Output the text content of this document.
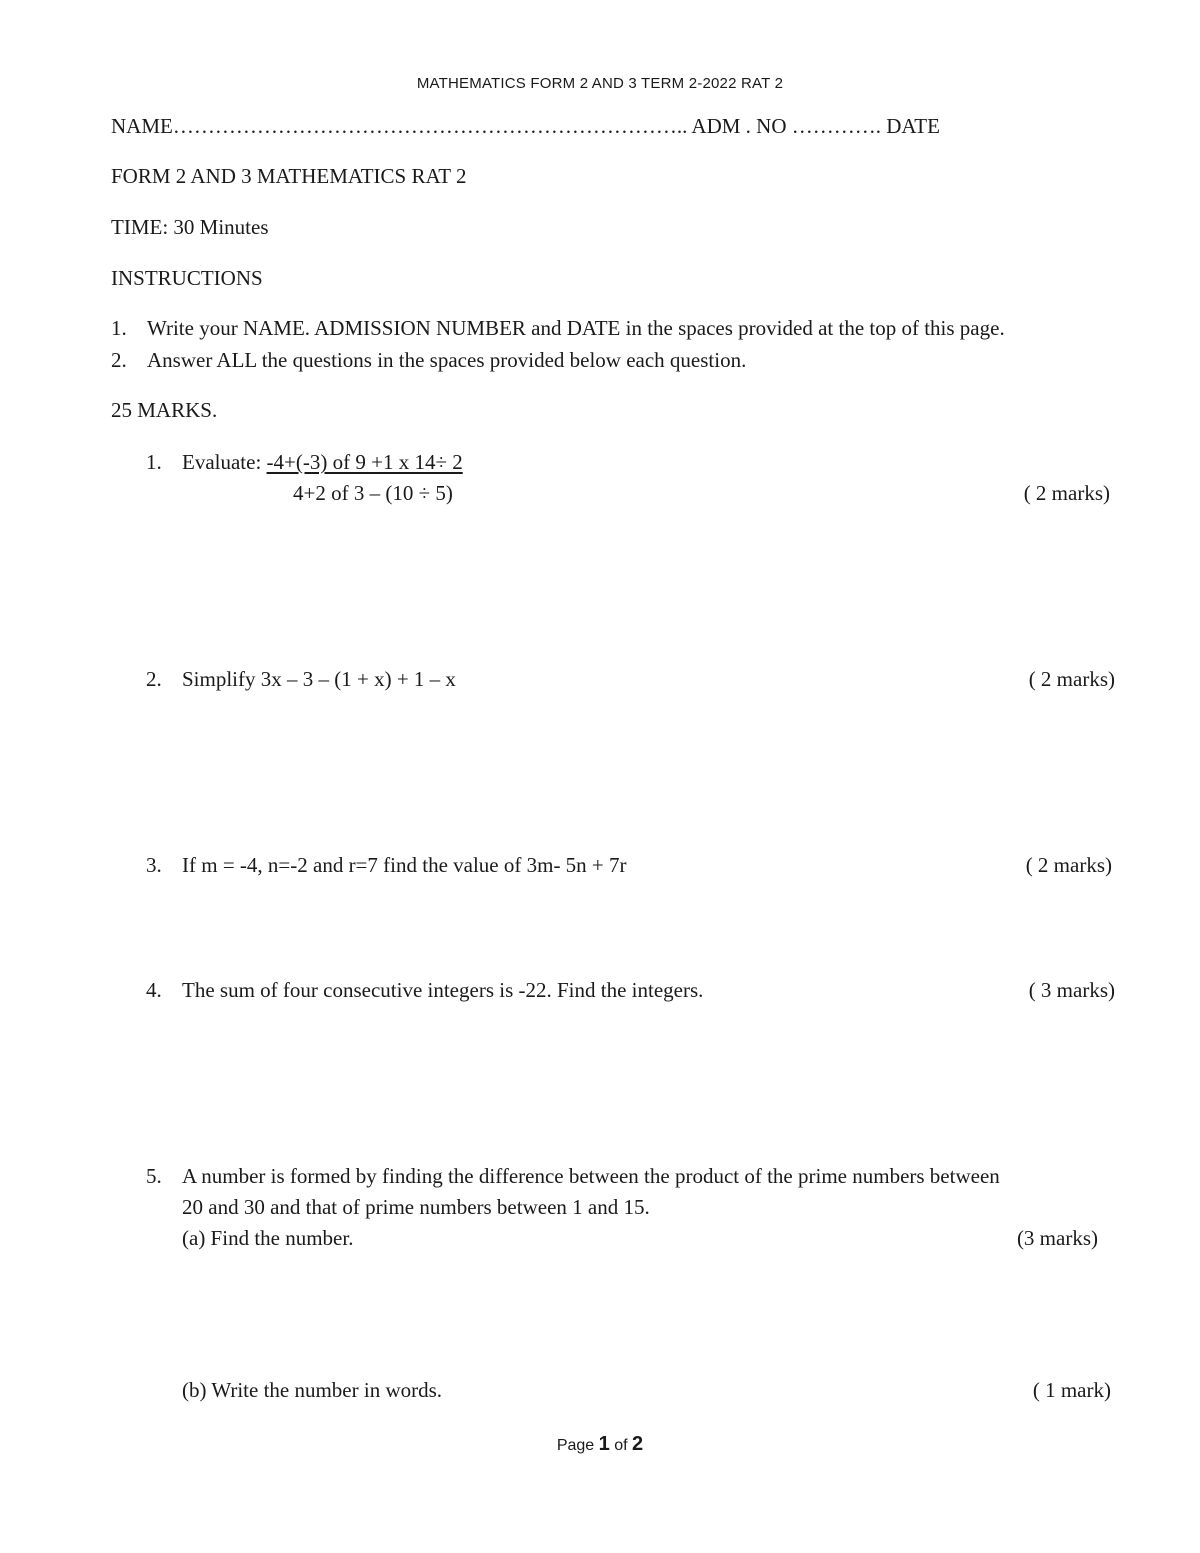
MATHEMATICS FORM 2 AND 3 TERM 2-2022 RAT 2
NAME……………………………………………………………….. ADM . NO …………. DATE
FORM 2 AND 3 MATHEMATICS RAT 2
TIME: 30 Minutes
INSTRUCTIONS
1. Write your NAME. ADMISSION NUMBER and DATE in the spaces provided at the top of this page.
2. Answer ALL the questions in the spaces provided below each question.
25 MARKS.
1. Evaluate: -4+(-3) of 9 +1 x 14÷ 2
4+2 of 3 – (10 ÷ 5)	( 2 marks)
2. Simplify 3x – 3 – (1 + x) + 1 – x	( 2 marks)
3. If m = -4, n=-2 and r=7 find the value of 3m- 5n + 7r	( 2 marks)
4. The sum of four consecutive integers is -22. Find the integers.	( 3 marks)
5. A number is formed by finding the difference between the product of the prime numbers between
20 and 30 and that of prime numbers between 1 and 15.
(a) Find the number.	(3 marks)
(b) Write the number in words.	( 1 mark)
Page 1 of 2
